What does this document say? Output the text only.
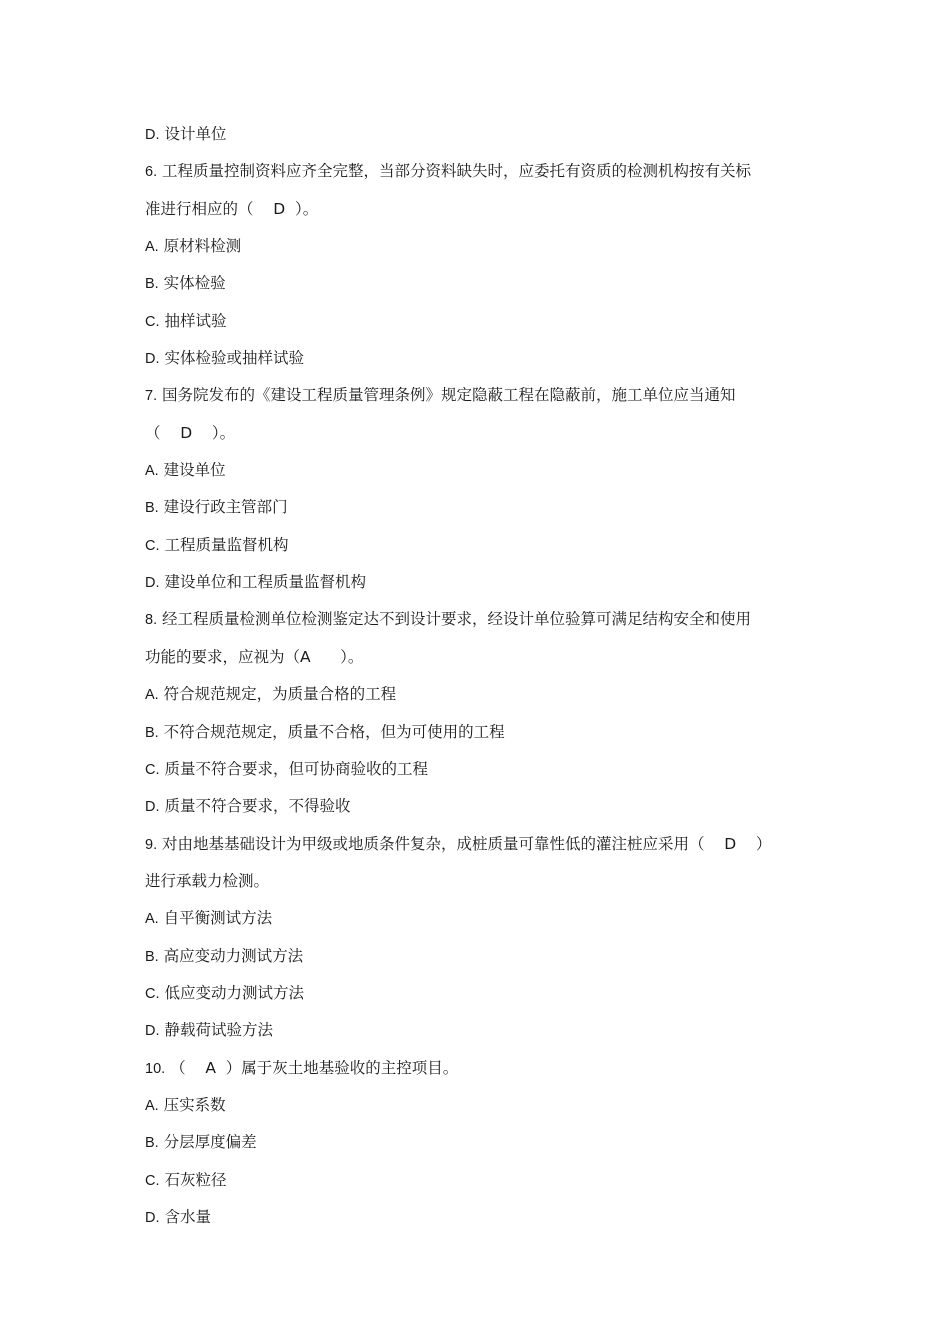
D. 设计单位
6. 工程质量控制资料应齐全完整，当部分资料缺失时，应委托有资质的检测机构按有关标
准进行相应的（    D  ）。
A. 原材料检测
B. 实体检验
C. 抽样试验
D. 实体检验或抽样试验
7. 国务院发布的《建设工程质量管理条例》规定隐蔽工程在隐蔽前，施工单位应当通知
（    D    ）。
A. 建设单位
B. 建设行政主管部门
C. 工程质量监督机构
D. 建设单位和工程质量监督机构
8. 经工程质量检测单位检测鉴定达不到设计要求，经设计单位验算可满足结构安全和使用
功能的要求，应视为（A      ）。
A. 符合规范规定，为质量合格的工程
B. 不符合规范规定，质量不合格，但为可使用的工程
C. 质量不符合要求，但可协商验收的工程
D. 质量不符合要求，不得验收
9. 对由地基基础设计为甲级或地质条件复杂，成桩质量可靠性低的灌注桩应采用（    D    ）
进行承载力检测。
A. 自平衡测试方法
B. 高应变动力测试方法
C. 低应变动力测试方法
D. 静载荷试验方法
10. （    A  ）属于灰土地基验收的主控项目。
A. 压实系数
B. 分层厚度偏差
C. 石灰粒径
D. 含水量
